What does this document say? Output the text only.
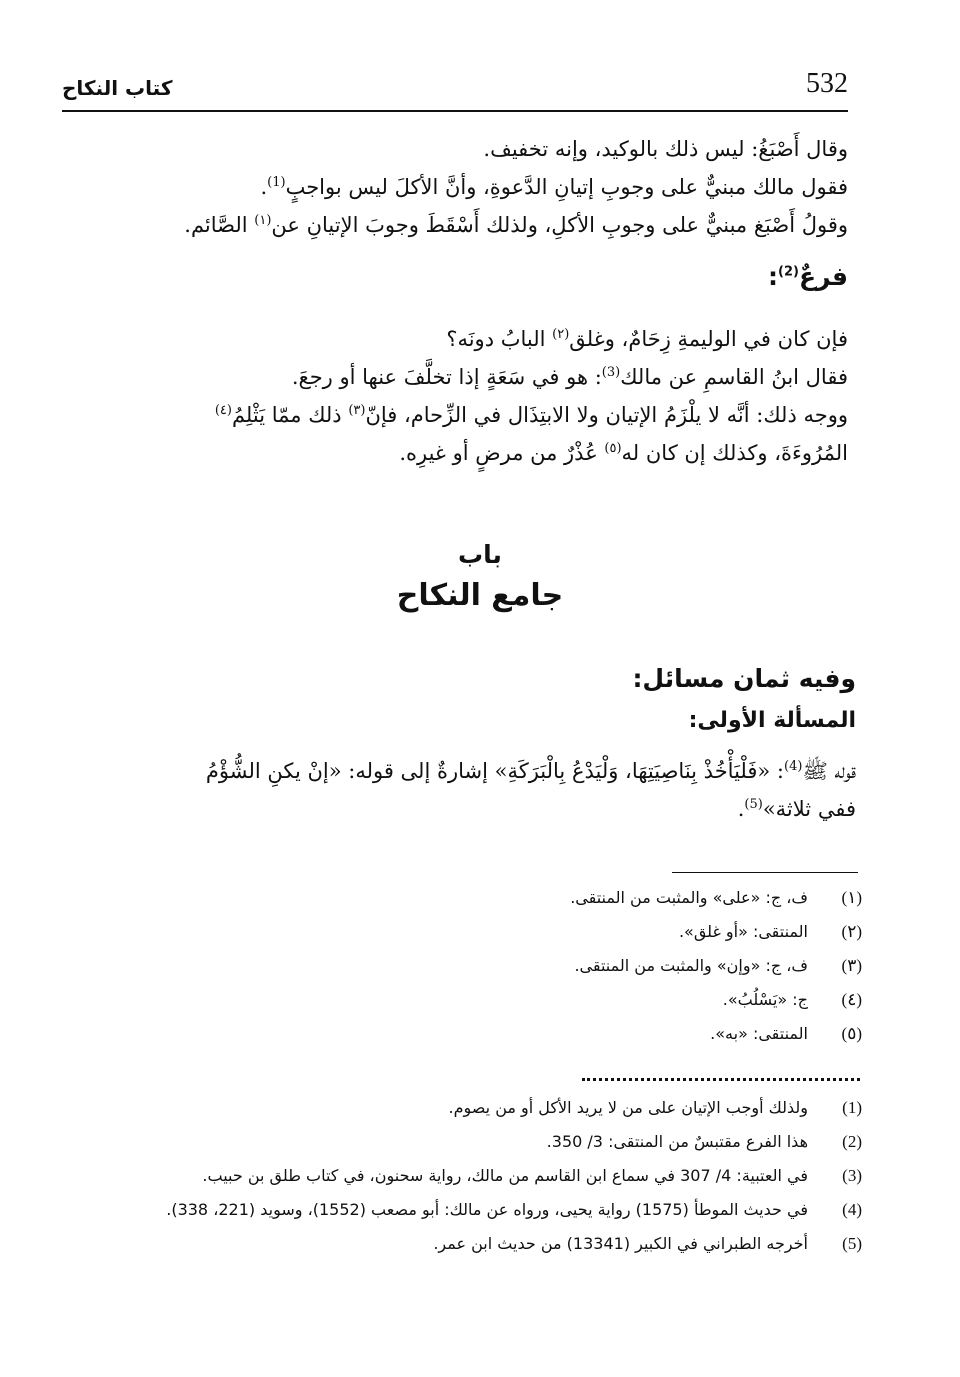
532
كتاب النكاح
وقال أَصْبَغُ: ليس ذلك بالوكيد، وإنه تخفيف.
فقول مالك مبنيٌّ على وجوبِ إتيانِ الدَّعوةِ، وأنَّ الأكلَ ليس بواجبٍ$^{(1)}$.
وقولُ أَصْبَغ مبنيٌّ على وجوبِ الأكلِ، ولذلك أَسْقَطَ وجوبَ الإتيانِ عن$^{(١)}$ الصَّائم.
فرعٌ$^{(2)}$:
فإن كان في الوليمةِ زِحَامٌ، وغلق$^{(٢)}$ البابُ دونَه؟
فقال ابنُ القاسمِ عن مالك$^{(3)}$: هو في سَعَةٍ إذا تخلَّفَ عنها أو رجعَ.
ووجه ذلك: أنَّه لا يلْزَمُ الإتيان ولا الابتِذَال في الزِّحام، فإنّ$^{(٣)}$ ذلك ممّا يَثْلِمُ$^{(٤)}$
المُرُوءَةَ، وكذلك إن كان له$^{(٥)}$ عُذْرٌ من مرضٍ أو غيرِه.
باب
جامع النكاح
وفيه ثمان مسائل:
المسألة الأولى:
قوله ﷺ$^{(4)}$: «فَلْيَأْخُذْ بِنَاصِيَتِهَا، وَلْيَدْعُ بِالْبَرَكَةِ» إشارةٌ إلى قوله: «إنْ يكنِ الشُّؤْمُ
ففي ثلاثة»$^{(5)}$.
(١)
ف، ج: «على» والمثبت من المنتقى.
(٢)
المنتقى: «أو غلق».
(٣)
ف، ج: «وإن» والمثبت من المنتقى.
(٤)
ج: «يَسْلُبُ».
(٥)
المنتقى: «به».
(1)
ولذلك أوجب الإتيان على من لا يريد الأكل أو من يصوم.
(2)
هذا الفرع مقتبسٌ من المنتقى: 3/ 350.
(3)
في العتبية: 4/ 307 في سماع ابن القاسم من مالك، رواية سحنون، في كتاب طلق بن حبيب.
(4)
في حديث الموطأ (1575) رواية يحيى، ورواه عن مالك: أبو مصعب (1552)، وسويد (221، 338).
(5)
أخرجه الطبراني في الكبير (13341) من حديث ابن عمر.
